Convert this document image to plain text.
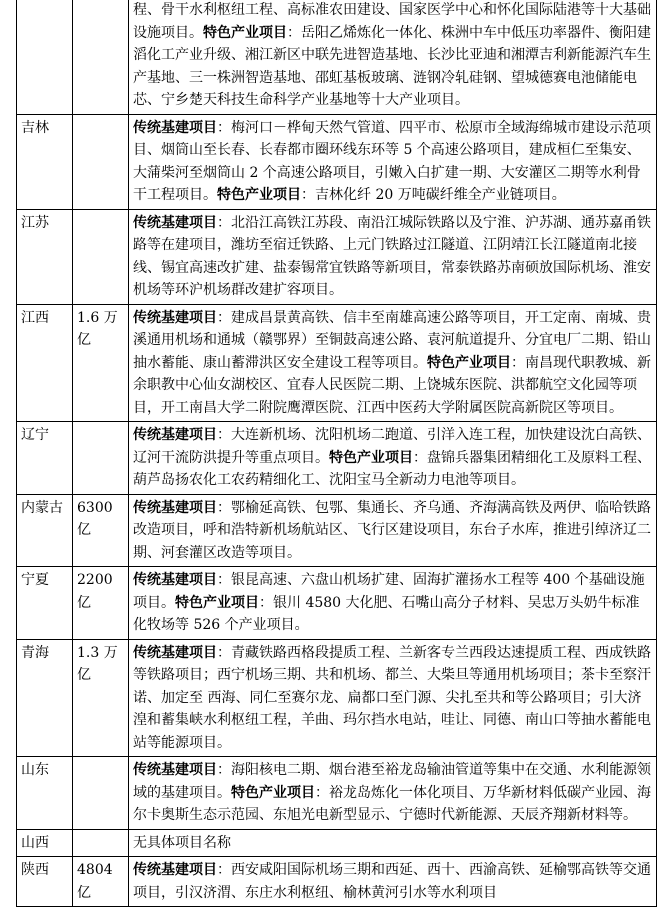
		程、骨干水利枢纽工程、高标准农田建设、国家医学中心和怀化国际陆港等十大基础设施项目。特色产业项目：岳阳乙烯炼化一体化、株洲中车中低压功率器件、衡阳建滔化工产业升级、湘江新区中联先进智造基地、长沙比亚迪和湘潭吉利新能源汽车生产基地、三一株洲智造基地、邵虹基板玻璃、涟钢冷轧硅钢、望城德赛电池储能电芯、宁乡楚天科技生命科学产业基地等十大产业项目。
吉林		传统基建项目：梅河口－桦甸天然气管道、四平市、松原市全域海绵城市建设示范项目、烟筒山至长春、长春都市圈环线东环等 5 个高速公路项目，建成桓仁至集安、大蒲柴河至烟筒山 2 个高速公路项目，引嫩入白扩建一期、大安灌区二期等水利骨干工程项目。特色产业项目：吉林化纤 20 万吨碳纤维全产业链项目。
江苏		传统基建项目：北沿江高铁江苏段、南沿江城际铁路以及宁淮、沪苏湖、通苏嘉甬铁路等在建项目，潍坊至宿迁铁路、上元门铁路过江隧道、江阴靖江长江隧道南北接线、锡宜高速改扩建、盐泰锡常宜铁路等新项目，常泰铁路苏南硕放国际机场、淮安机场等环沪机场群改建扩容项目。
江西	1.6 万亿	传统基建项目：建成昌景黄高铁、信丰至南雄高速公路等项目，开工定南、南城、贵溪通用机场和通城（赣鄂界）至铜鼓高速公路、袁河航道提升、分宜电厂二期、铅山抽水蓄能、康山蓄滞洪区安全建设工程等项目。特色产业项目：南昌现代职教城、新余职教中心仙女湖校区、宜春人民医院二期、上饶城东医院、洪都航空文化园等项目，开工南昌大学二附院鹰潭医院、江西中医药大学附属医院高新院区等项目。
辽宁		传统基建项目：大连新机场、沈阳机场二跑道、引洋入连工程，加快建设沈白高铁、辽河干流防洪提升等重点项目。特色产业项目：盘锦兵器集团精细化工及原料工程、葫芦岛扬农化工农药精细化工、沈阳宝马全新动力电池等项目。
内蒙古	6300 亿	传统基建项目：鄂榆延高铁、包鄂、集通长、齐乌通、齐海满高铁及两伊、临哈铁路改造项目，呼和浩特新机场航站区、飞行区建设项目，东台子水库，推进引绰济辽二期、河套灌区改造等项目。
宁夏	2200 亿	传统基建项目：银昆高速、六盘山机场扩建、固海扩灌扬水工程等 400 个基础设施项目。特色产业项目：银川 4580 大化肥、石嘴山高分子材料、吴忠万头奶牛标准化牧场等 526 个产业项目。
青海	1.3 万亿	传统基建项目：青藏铁路西格段提质工程、兰新客专兰西段达速提质工程、西成铁路等铁路项目；西宁机场三期、共和机场、都兰、大柴旦等通用机场项目；茶卡至察汗诺、加定至 西海、同仁至赛尔龙、扁都口至门源、尖扎至共和等公路项目；引大济湟和蓄集峡水利枢纽工程，羊曲、玛尔挡水电站，哇让、同德、南山口等抽水蓄能电站等能源项目。
山东		传统基建项目：海阳核电二期、烟台港至裕龙岛输油管道等集中在交通、水利能源领域的基建项目。特色产业项目：裕龙岛炼化一体化项目、万华新材料低碳产业园、海尔卡奥斯生态示范园、东旭光电新型显示、宁德时代新能源、天辰齐翔新材料等。
山西		无具体项目名称
陕西	4804 亿	传统基建项目：西安咸阳国际机场三期和西延、西十、西渝高铁、延榆鄂高铁等交通项目，引汉济渭、东庄水利枢纽、榆林黄河引水等水利项目
